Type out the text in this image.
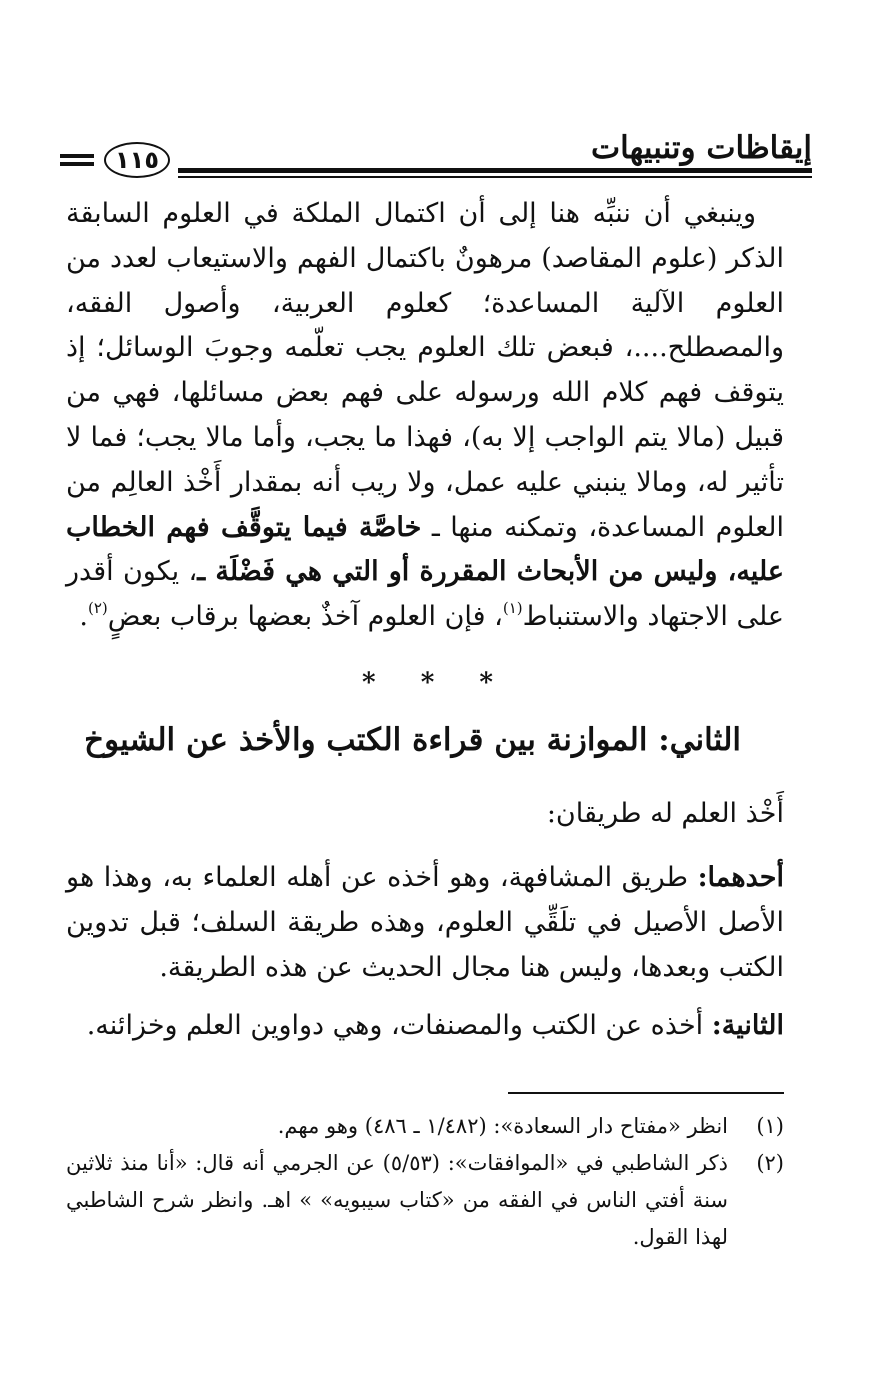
إيقاظات وتنبيهات
١١٥
وينبغي أن ننبِّه هنا إلى أن اكتمال الملكة في العلوم السابقة الذكر (علوم المقاصد) مرهونٌ باكتمال الفهم والاستيعاب لعدد من العلوم الآلية المساعدة؛ كعلوم العربية، وأصول الفقه، والمصطلح....، فبعض تلك العلوم يجب تعلّمه وجوبَ الوسائل؛ إذ يتوقف فهم كلام الله ورسوله على فهم بعض مسائلها، فهي من قبيل (مالا يتم الواجب إلا به)، فهذا ما يجب، وأما مالا يجب؛ فما لا تأثير له، ومالا ينبني عليه عمل، ولا ريب أنه بمقدار أَخْذ العالِم من العلوم المساعدة، وتمكنه منها ـ خاصَّة فيما يتوقَّف فهم الخطاب عليه، وليس من الأبحاث المقررة أو التي هي فَضْلَة ـ، يكون أقدر على الاجتهاد والاستنباط$^{(١)}$، فإن العلوم آخذٌ بعضها برقاب بعضٍ$^{(٢)}$.
* * *
الثاني: الموازنة بين قراءة الكتب والأخذ عن الشيوخ
أَخْذ العلم له طريقان:
أحدهما: طريق المشافهة، وهو أخذه عن أهله العلماء به، وهذا هو الأصل الأصيل في تلَقِّي العلوم، وهذه طريقة السلف؛ قبل تدوين الكتب وبعدها، وليس هنا مجال الحديث عن هذه الطريقة.
الثانية: أخذه عن الكتب والمصنفات، وهي دواوين العلم وخزائنه.
(١)
انظر «مفتاح دار السعادة»: (١/٤٨٢ ـ ٤٨٦) وهو مهم.
(٢)
ذكر الشاطبي في «الموافقات»: (٥/٥٣) عن الجرمي أنه قال: «أنا منذ ثلاثين سنة أفتي الناس في الفقه من «كتاب سيبويه» » اهـ. وانظر شرح الشاطبي لهذا القول.
